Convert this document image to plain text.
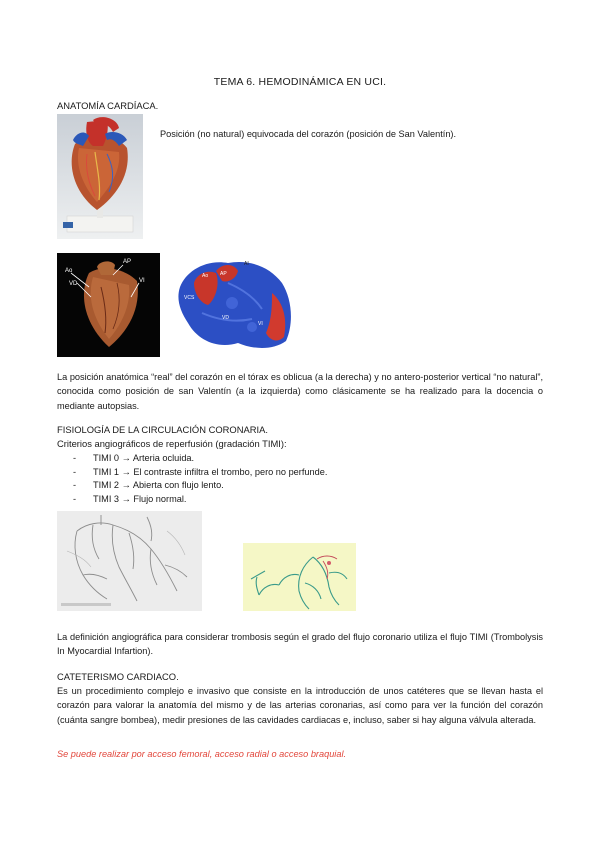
TEMA 6. HEMODINÁMICA EN UCI.
ANATOMÍA CARDÍACA.
Posición (no natural) equivocada del corazón (posición de San Valentín).
Ao
AP
VI
VD
Ao
AI
AP
VD
VI
VCS
La posición anatómica “real” del corazón en el tórax es oblicua (a la derecha) y no antero-posterior vertical “no natural”, conocida como posición de san Valentín (a la izquierda) como clásicamente se ha realizado para la docencia o mediante autopsias.
FISIOLOGÍA DE LA CIRCULACIÓN CORONARIA.
Criterios angiográficos de reperfusión (gradación TIMI):
- TIMI 0 → Arteria ocluida.
- TIMI 1 → El contraste infiltra el trombo, pero no perfunde.
- TIMI 2 → Abierta con flujo lento.
- TIMI 3 → Flujo normal.
La definición angiográfica para considerar trombosis según el grado del flujo coronario utiliza el flujo TIMI (Trombolysis In Myocardial Infartion).
CATETERISMO CARDIACO.
Es un procedimiento complejo e invasivo que consiste en la introducción de unos catéteres que se llevan hasta el corazón para valorar la anatomía del mismo y de las arterias coronarias, así como para ver la función del corazón (cuánta sangre bombea), medir presiones de las cavidades cardiacas e, incluso, saber si hay alguna válvula alterada.
Se puede realizar por acceso femoral, acceso radial o acceso braquial.
